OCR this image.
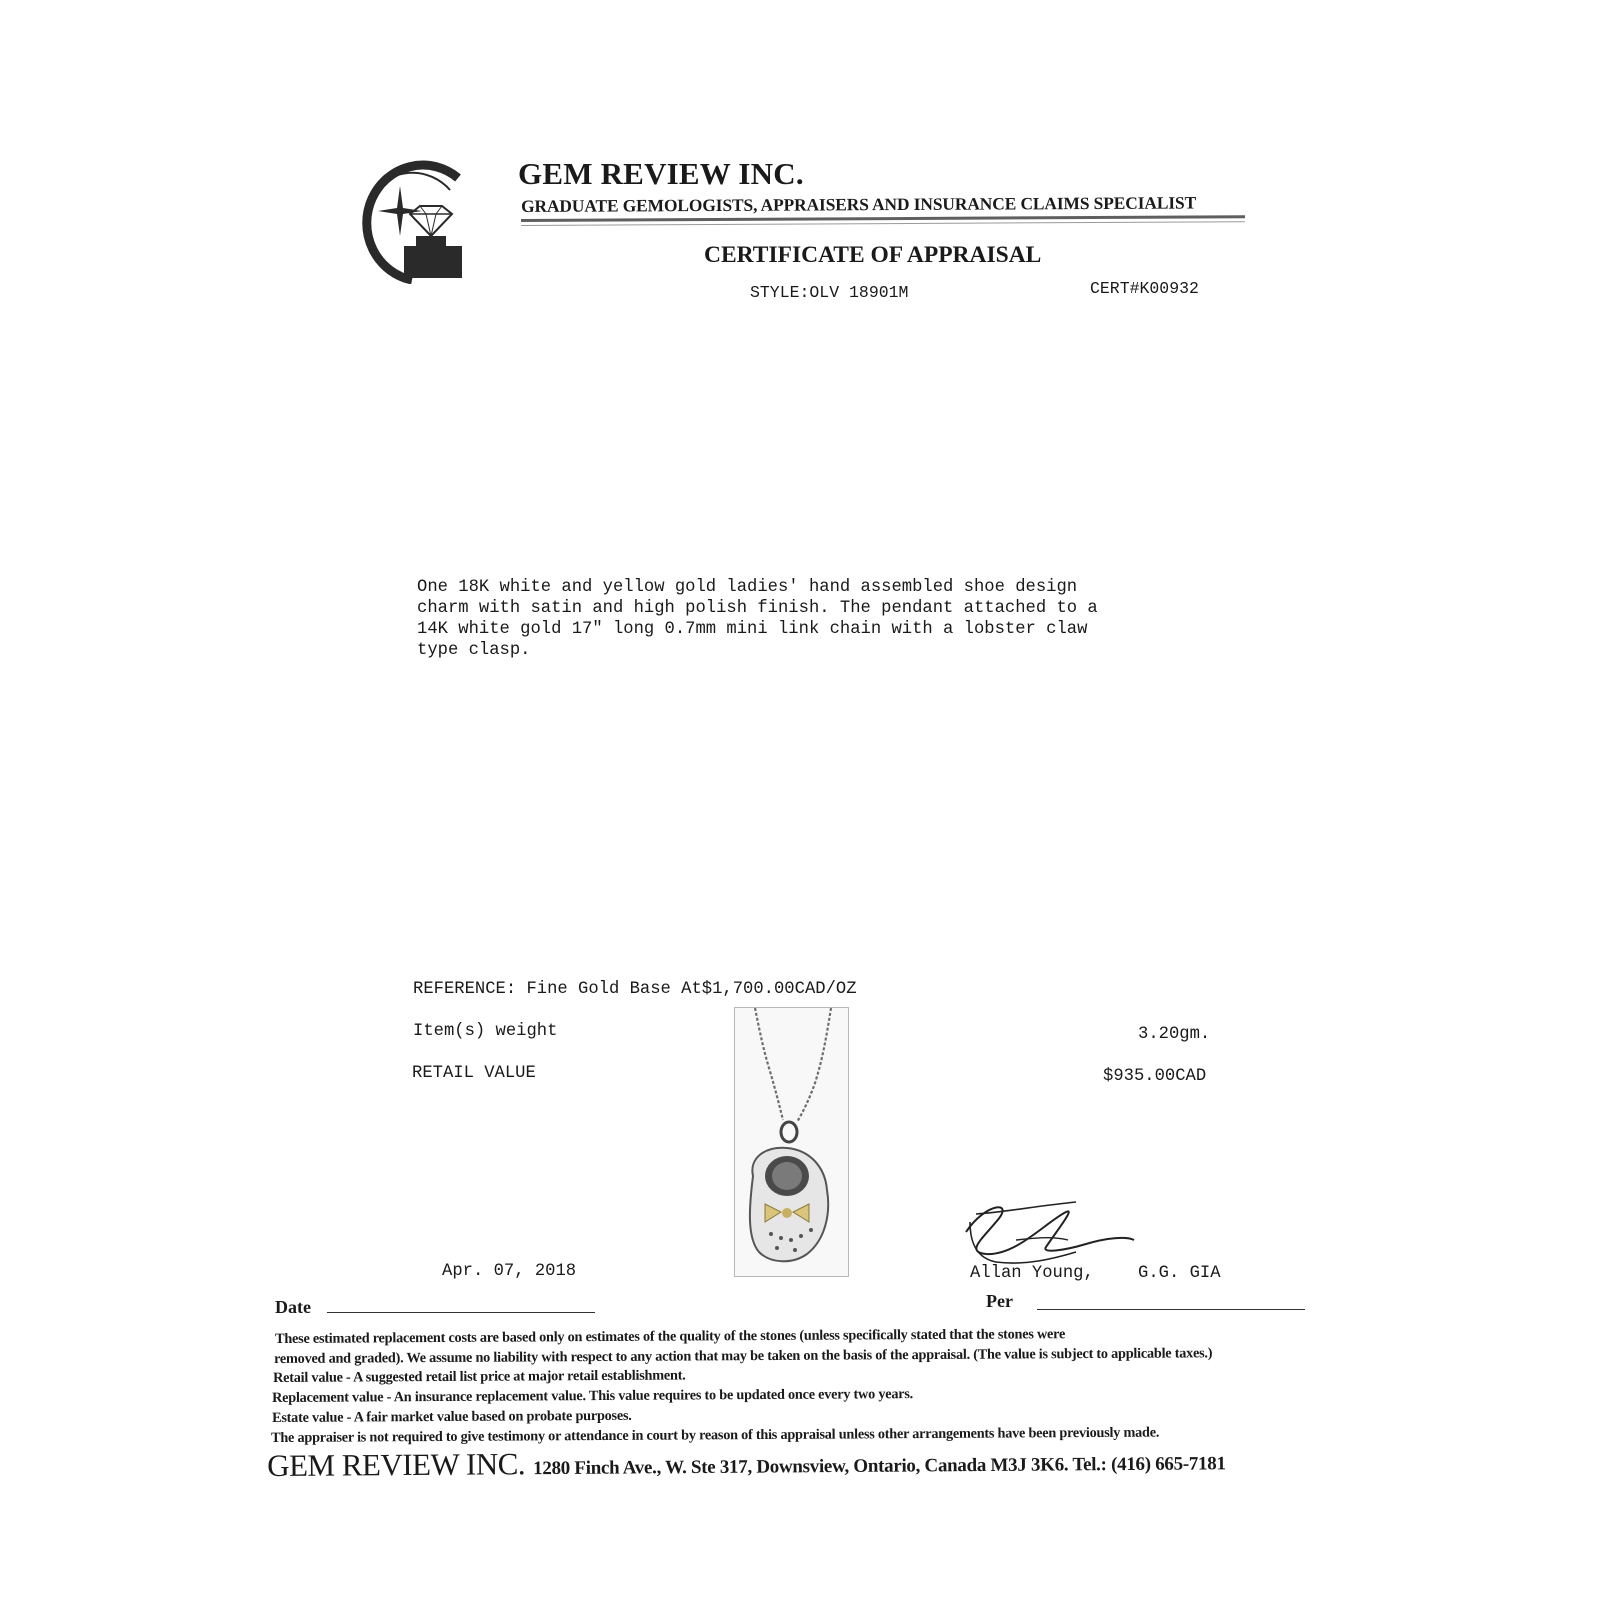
GEM REVIEW INC.
GRADUATE GEMOLOGISTS, APPRAISERS AND INSURANCE CLAIMS SPECIALIST
CERTIFICATE OF APPRAISAL
STYLE:OLV 18901M	CERT#K00932
One 18K white and yellow gold ladies' hand assembled shoe design
charm with satin and high polish finish. The pendant attached to a
14K white gold 17" long 0.7mm mini link chain with a lobster claw
type clasp.
REFERENCE: Fine Gold Base At$1,700.00CAD/OZ
Item(s) weight	3.20gm.
RETAIL VALUE	$935.00CAD
Apr. 07, 2018
Date
Allan Young,	G.G. GIA
Per
These estimated replacement costs are based only on estimates of the quality of the stones (unless specifically stated that the stones were
removed and graded). We assume no liability with respect to any action that may be taken on the basis of the appraisal. (The value is subject to applicable taxes.)
Retail value - A suggested retail list price at major retail establishment.
Replacement value - An insurance replacement value. This value requires to be updated once every two years.
Estate value - A fair market value based on probate purposes.
The appraiser is not required to give testimony or attendance in court by reason of this appraisal unless other arrangements have been previously made.
GEM REVIEW INC. 1280 Finch Ave., W. Ste 317, Downsview, Ontario, Canada M3J 3K6. Tel.: (416) 665-7181
